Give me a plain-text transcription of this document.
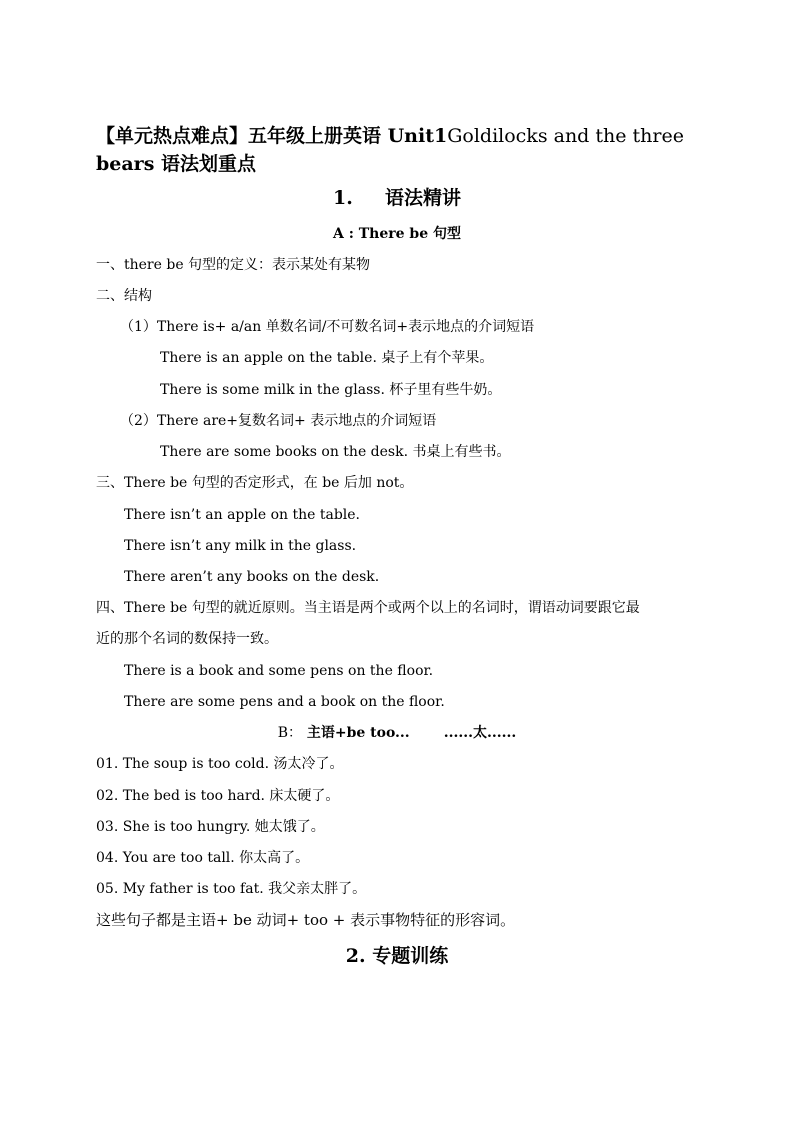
【单元热点难点】五年级上册英语 Unit1Goldilocks and the three
bears 语法划重点
1. 语法精讲
A : There be 句型
一、there be 句型的定义：表示某处有某物
二、结构
（1）There is+ a/an 单数名词/不可数名词+表示地点的介词短语
There is an apple on the table. 桌子上有个苹果。
There is some milk in the glass. 杯子里有些牛奶。
（2）There are+复数名词+ 表示地点的介词短语
There are some books on the desk. 书桌上有些书。
三、There be 句型的否定形式，在 be 后加 not。
There isn’t an apple on the table.
There isn’t any milk in the glass.
There aren’t any books on the desk.
四、There be 句型的就近原则。当主语是两个或两个以上的名词时，谓语动词要跟它最
近的那个名词的数保持一致。
There is a book and some pens on the floor.
There are some pens and a book on the floor.
B： 主语+be too...       ......太......
01. The soup is too cold. 汤太冷了。
02. The bed is too hard. 床太硬了。
03. She is too hungry. 她太饿了。
04. You are too tall. 你太高了。
05. My father is too fat. 我父亲太胖了。
这些句子都是主语+ be 动词+ too + 表示事物特征的形容词。
2. 专题训练
